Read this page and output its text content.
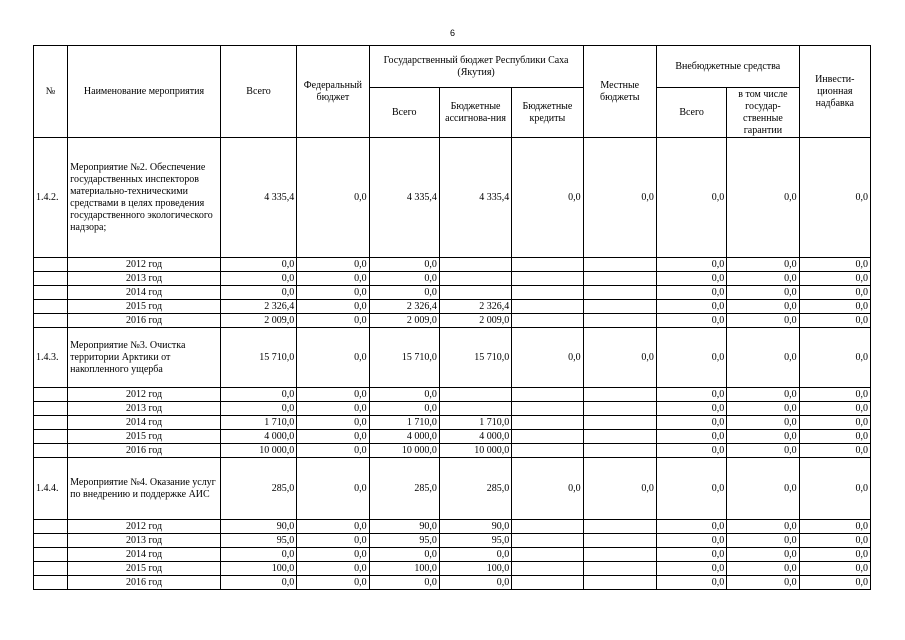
6
№	Наименование мероприятия	Всего	Федеральный бюджет	Государственный бюджет Республики Саха (Якутия)			Местные бюджеты	Внебюджетные средства		Инвести-ционная надбавка
				Всего	Бюджетные ассигнова-ния	Бюджетные кредиты		Всего	в том числе государ-ственные гарантии	
1.4.2.	Мероприятие №2. Обеспечение государственных инспекторов материально-техническими средствами в целях проведения государственного экологического надзора;	4 335,4	0,0	4 335,4	4 335,4	0,0	0,0	0,0	0,0	0,0
	2012 год	0,0	0,0	0,0				0,0	0,0	0,0
	2013 год	0,0	0,0	0,0				0,0	0,0	0,0
	2014 год	0,0	0,0	0,0				0,0	0,0	0,0
	2015 год	2 326,4	0,0	2 326,4	2 326,4			0,0	0,0	0,0
	2016 год	2 009,0	0,0	2 009,0	2 009,0			0,0	0,0	0,0
1.4.3.	Мероприятие №3. Очистка территории Арктики от накопленного ущерба	15 710,0	0,0	15 710,0	15 710,0	0,0	0,0	0,0	0,0	0,0
	2012 год	0,0	0,0	0,0				0,0	0,0	0,0
	2013 год	0,0	0,0	0,0				0,0	0,0	0,0
	2014 год	1 710,0	0,0	1 710,0	1 710,0			0,0	0,0	0,0
	2015 год	4 000,0	0,0	4 000,0	4 000,0			0,0	0,0	0,0
	2016 год	10 000,0	0,0	10 000,0	10 000,0			0,0	0,0	0,0
1.4.4.	Мероприятие №4. Оказание услуг по внедрению и поддержке АИС	285,0	0,0	285,0	285,0	0,0	0,0	0,0	0,0	0,0
	2012 год	90,0	0,0	90,0	90,0			0,0	0,0	0,0
	2013 год	95,0	0,0	95,0	95,0			0,0	0,0	0,0
	2014 год	0,0	0,0	0,0	0,0			0,0	0,0	0,0
	2015 год	100,0	0,0	100,0	100,0			0,0	0,0	0,0
	2016 год	0,0	0,0	0,0	0,0			0,0	0,0	0,0
